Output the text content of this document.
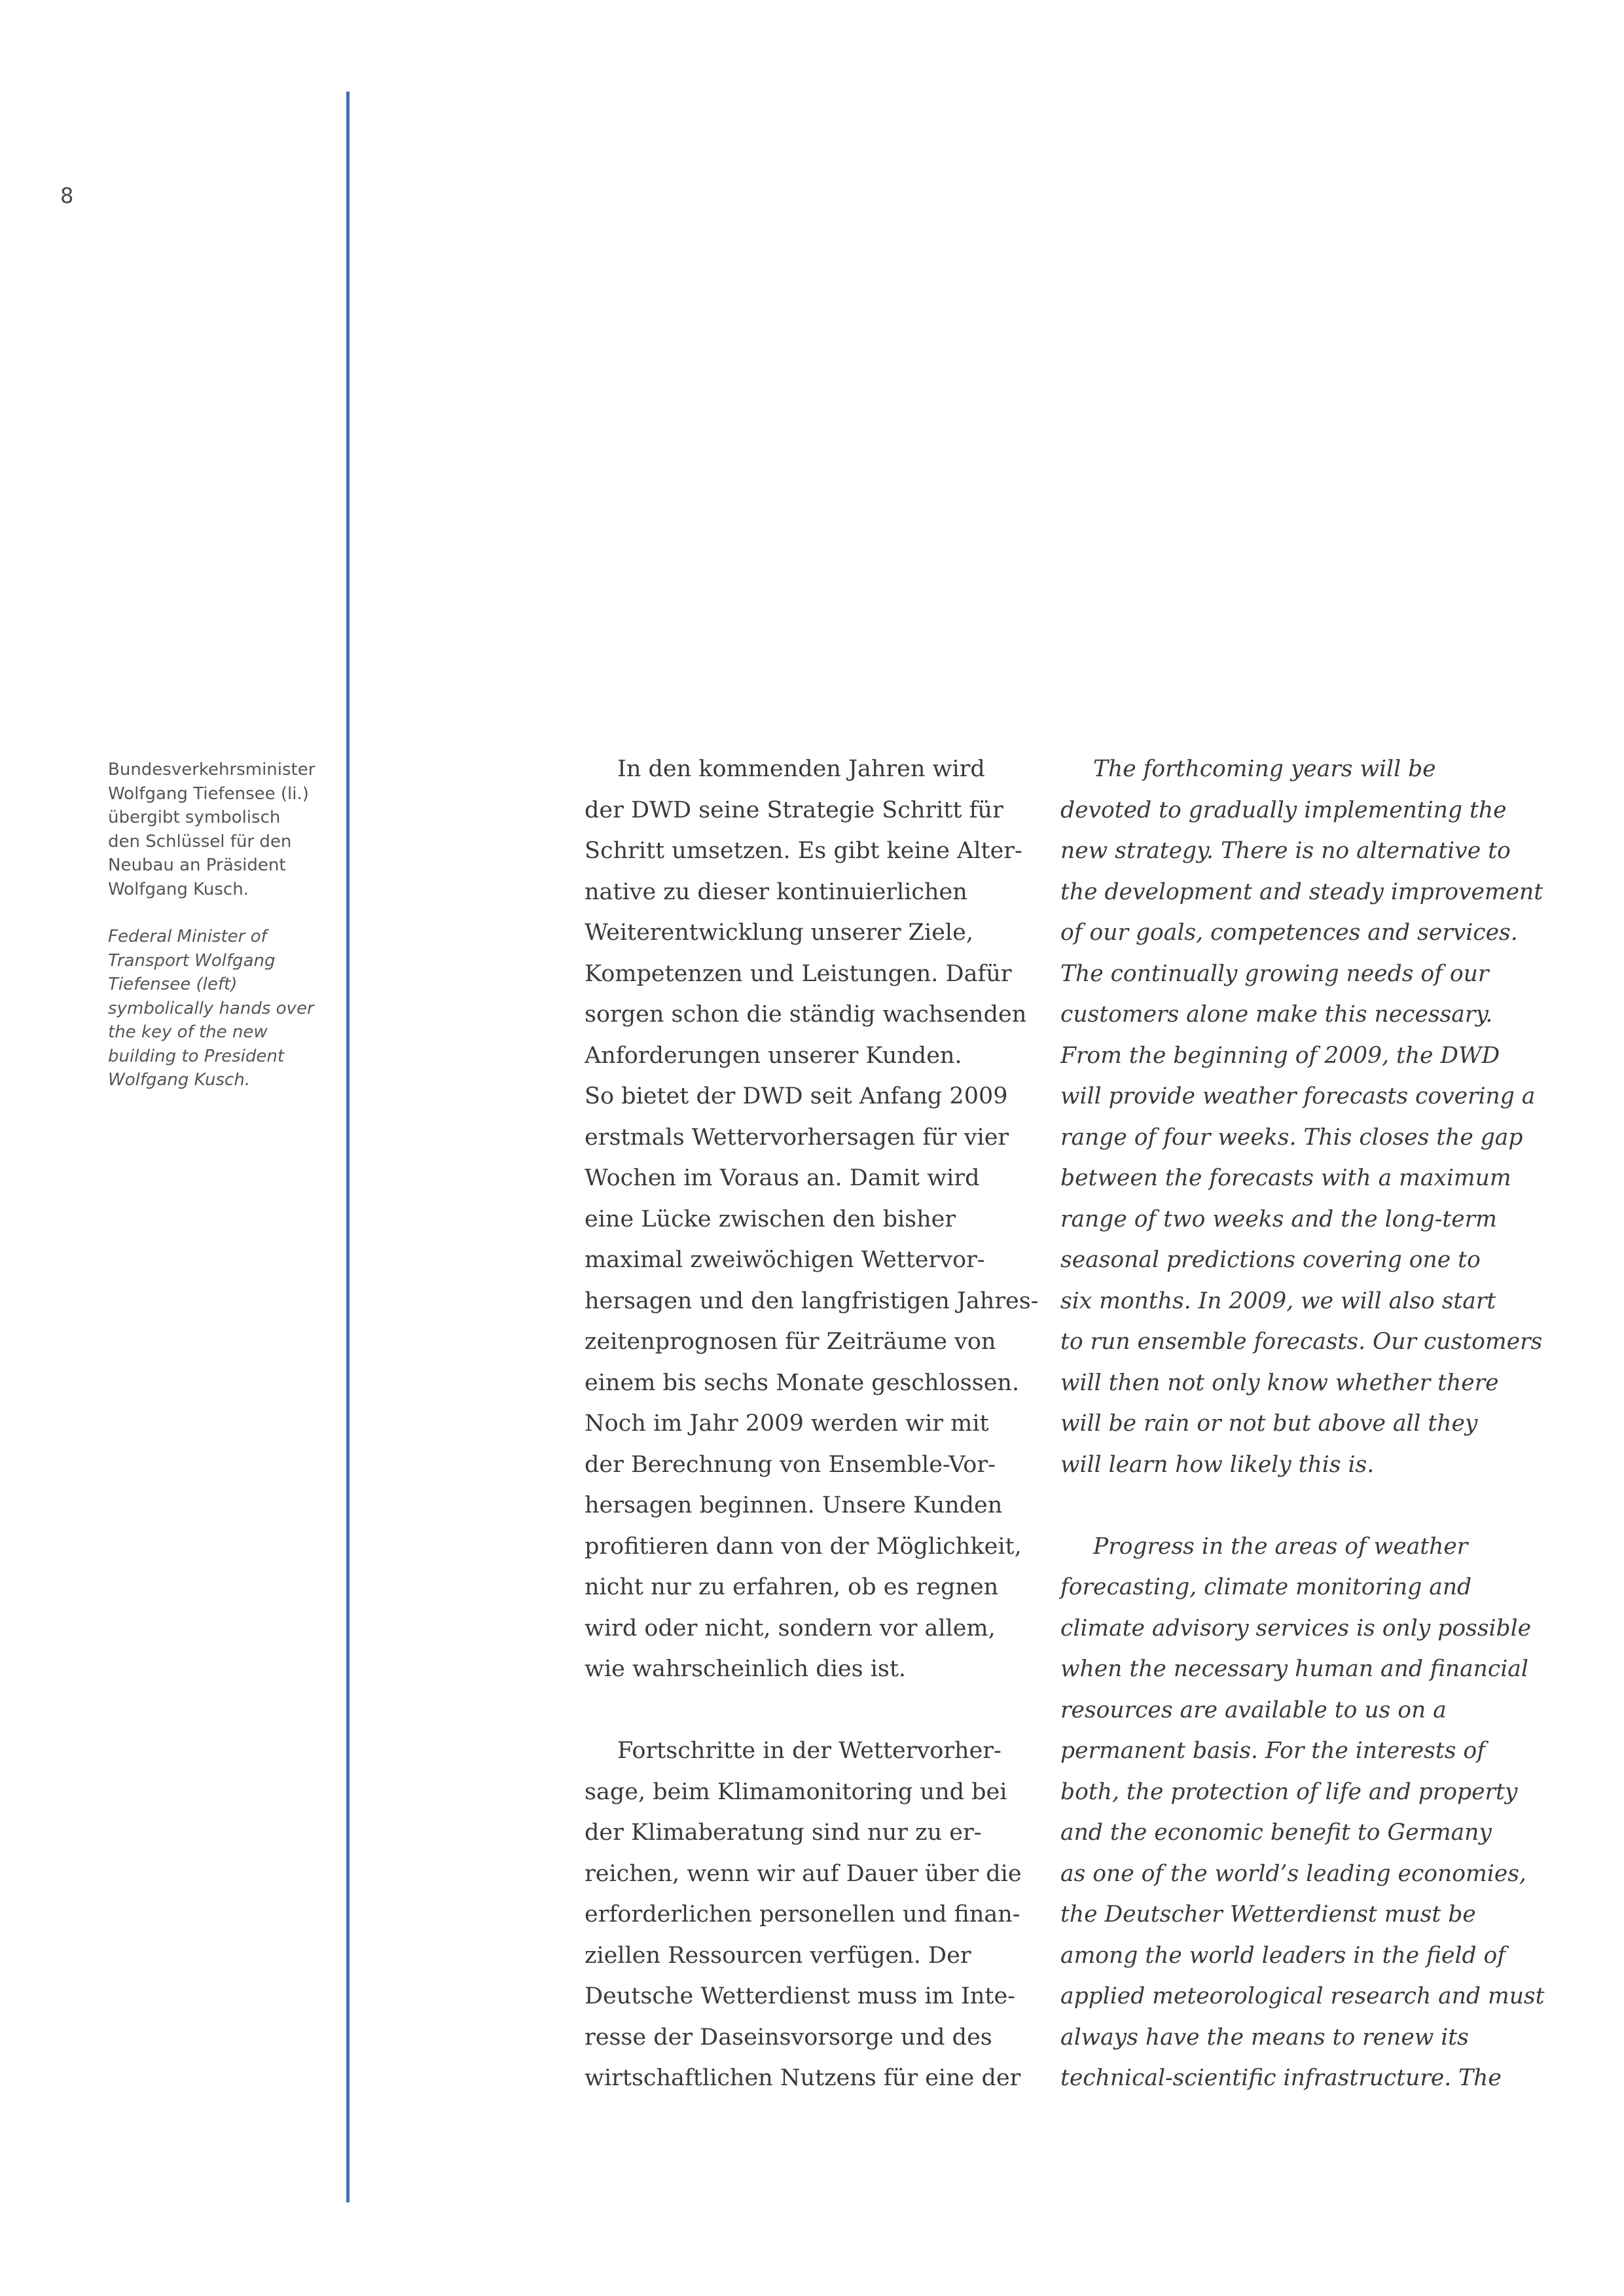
8

Bundesverkehrsminister
Wolfgang Tiefensee (li.)
übergibt symbolisch
den Schlüssel für den
Neubau an Präsident
Wolfgang Kusch.

Federal Minister of
Transport Wolfgang
Tiefensee (left)
symbolically hands over
the key of the new
building to President
Wolfgang Kusch.

In den kommenden Jahren wird
der DWD seine Strategie Schritt für
Schritt umsetzen. Es gibt keine Alter-
native zu dieser kontinuierlichen
Weiterentwicklung unserer Ziele,
Kompetenzen und Leistungen. Dafür
sorgen schon die ständig wachsenden
Anforderungen unserer Kunden.
So bietet der DWD seit Anfang 2009
erstmals Wettervorhersagen für vier
Wochen im Voraus an. Damit wird
eine Lücke zwischen den bisher
maximal zweiwöchigen Wettervor-
hersagen und den langfristigen Jahres-
zeitenprognosen für Zeiträume von
einem bis sechs Monate geschlossen.
Noch im Jahr 2009 werden wir mit
der Berechnung von Ensemble-Vor-
hersagen beginnen. Unsere Kunden
profitieren dann von der Möglichkeit,
nicht nur zu erfahren, ob es regnen
wird oder nicht, sondern vor allem,
wie wahrscheinlich dies ist.
Fortschritte in der Wettervorher-
sage, beim Klimamonitoring und bei
der Klimaberatung sind nur zu er-
reichen, wenn wir auf Dauer über die
erforderlichen personellen und finan-
ziellen Ressourcen verfügen. Der
Deutsche Wetterdienst muss im Inte-
resse der Daseinsvorsorge und des
wirtschaftlichen Nutzens für eine der
The forthcoming years will be
devoted to gradually implementing the
new strategy. There is no alternative to
the development and steady improvement
of our goals, competences and services.
The continually growing needs of our
customers alone make this necessary.
From the beginning of 2009, the DWD
will provide weather forecasts covering a
range of four weeks. This closes the gap
between the forecasts with a maximum
range of two weeks and the long-term
seasonal predictions covering one to
six months. In 2009, we will also start
to run ensemble forecasts. Our customers
will then not only know whether there
will be rain or not but above all they
will learn how likely this is.
Progress in the areas of weather
forecasting, climate monitoring and
climate advisory services is only possible
when the necessary human and financial
resources are available to us on a
permanent basis. For the interests of
both, the protection of life and property
and the economic benefit to Germany
as one of the world’s leading economies,
the Deutscher Wetterdienst must be
among the world leaders in the field of
applied meteorological research and must
always have the means to renew its
technical-scientific infrastructure. The
